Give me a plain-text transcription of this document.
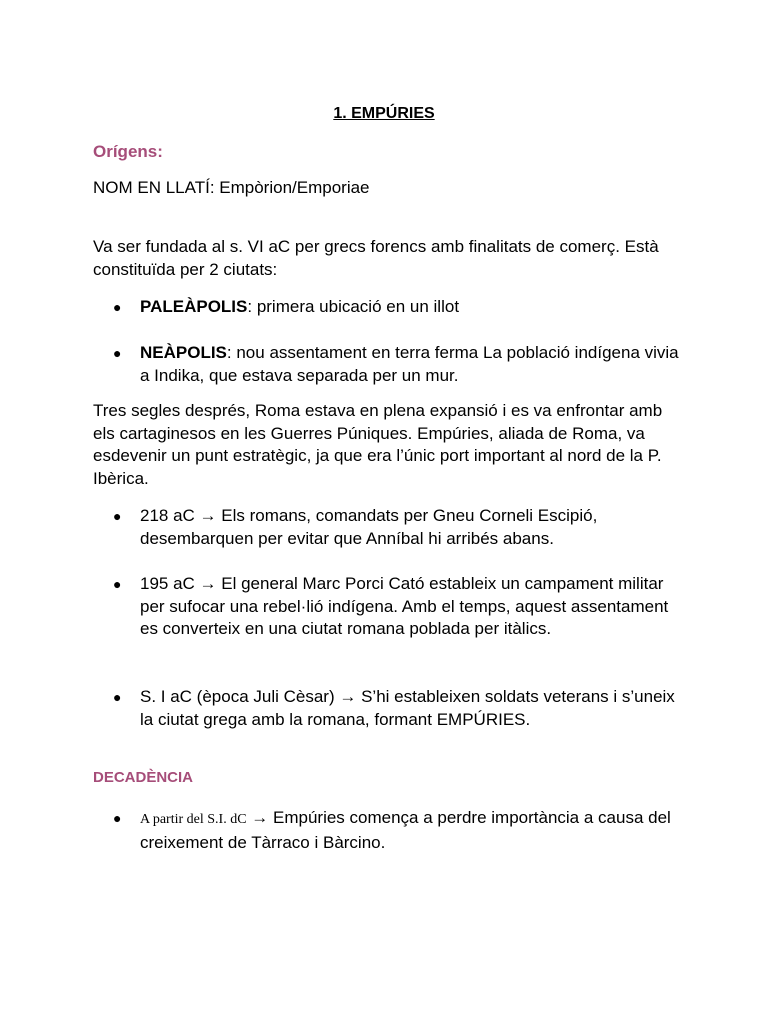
1. EMPÚRIES
Orígens:
NOM EN LLATÍ: Empòrion/Emporiae
Va ser fundada al s. VI aC per grecs forencs amb finalitats de comerç. Està constituïda per 2 ciutats:
●	PALEÀPOLIS: primera ubicació en un illot
●	NEÀPOLIS: nou assentament en terra ferma La població indígena vivia a Indika, que estava separada per un mur.
Tres segles després, Roma estava en plena expansió i es va enfrontar amb els cartaginesos en les Guerres Púniques. Empúries, aliada de Roma, va esdevenir un punt estratègic, ja que era l’únic port important al nord de la P. Ibèrica.
●	218 aC → Els romans, comandats per Gneu Corneli Escipió, desembarquen per evitar que Anníbal hi arribés abans.
●	195 aC → El general Marc Porci Cató estableix un campament militar per sufocar una rebel·lió indígena. Amb el temps, aquest assentament es converteix en una ciutat romana poblada per itàlics.
●	S. I aC (època Juli Cèsar) → S’hi estableixen soldats veterans i s’uneix la ciutat grega amb la romana, formant EMPÚRIES.
DECADÈNCIA
●	A partir del S.I. dC → Empúries comença a perdre importància a causa del creixement de Tàrraco i Bàrcino.
